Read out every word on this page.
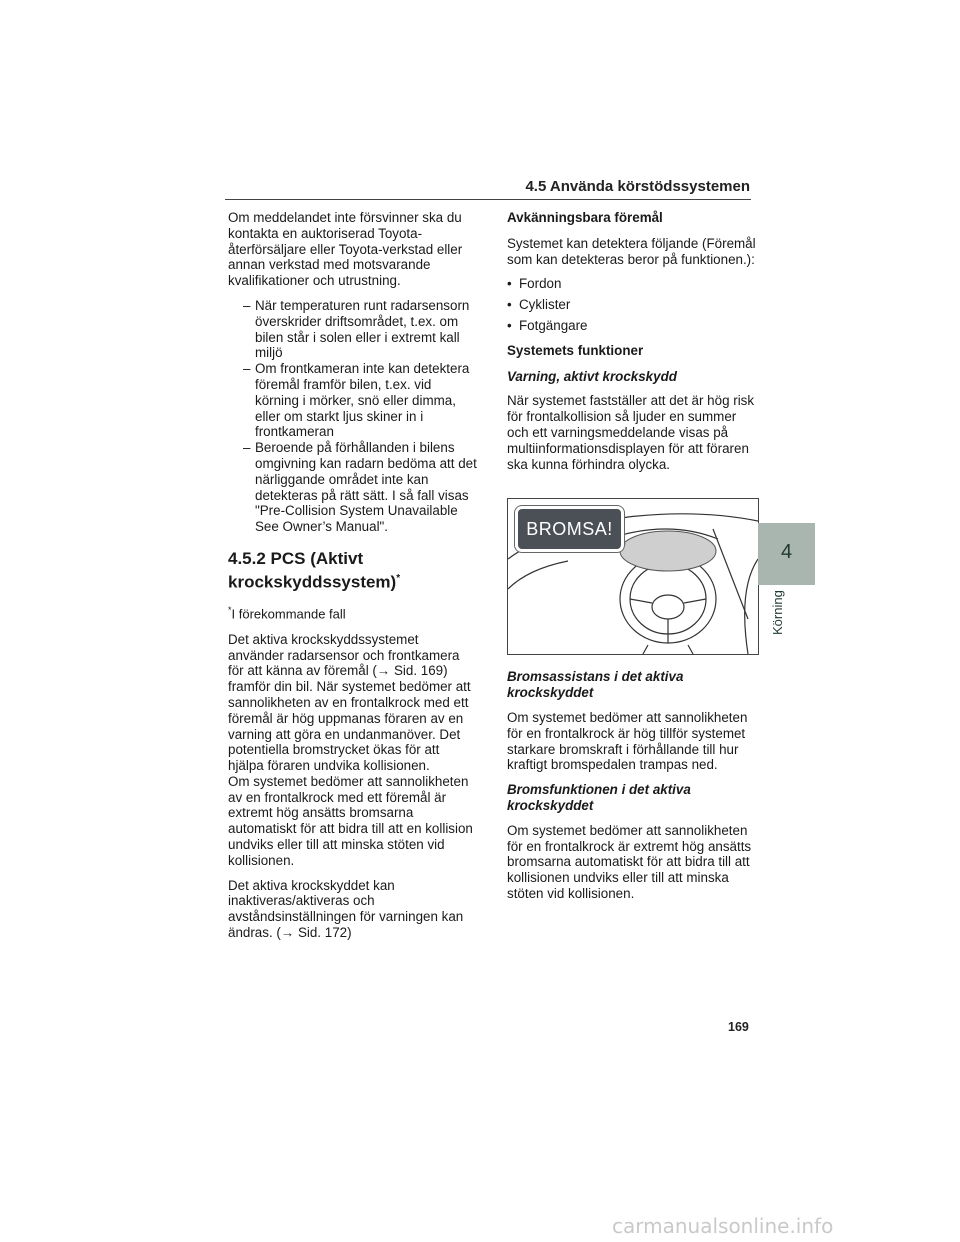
4.5 Använda körstödssystemen

Om meddelandet inte försvinner ska du kontakta en auktoriserad Toyota-återförsäljare eller Toyota-verkstad eller annan verkstad med motsvarande kvalifikationer och utrustning.

– När temperaturen runt radarsensorn överskrider driftsområdet, t.ex. om bilen står i solen eller i extremt kall miljö

– Om frontkameran inte kan detektera föremål framför bilen, t.ex. vid körning i mörker, snö eller dimma, eller om starkt ljus skiner in i frontkameran

– Beroende på förhållanden i bilens omgivning kan radarn bedöma att det närliggande området inte kan detekteras på rätt sätt. I så fall visas "Pre-Collision System Unavailable See Owner’s Manual".

4.5.2 PCS (Aktivt krockskyddssystem)*

*I förekommande fall

Det aktiva krockskyddssystemet använder radarsensor och frontkamera för att känna av föremål (→ Sid. 169) framför din bil. När systemet bedömer att sannolikheten av en frontalkrock med ett föremål är hög uppmanas föraren av en varning att göra en undanmanöver. Det potentiella bromstrycket ökas för att hjälpa föraren undvika kollisionen.

Om systemet bedömer att sannolikheten av en frontalkrock med ett föremål är extremt hög ansätts bromsarna automatiskt för att bidra till att en kollision undviks eller till att minska stöten vid kollisionen.

Det aktiva krockskyddet kan inaktiveras/aktiveras och avståndsinställningen för varningen kan ändras. (→ Sid. 172)

Avkänningsbara föremål

Systemet kan detektera följande (Föremål som kan detekteras beror på funktionen.):

• Fordon

• Cyklister

• Fotgängare

Systemets funktioner

Varning, aktivt krockskydd

När systemet fastställer att det är hög risk för frontalkollision så ljuder en summer och ett varningsmeddelande visas på multiinformationsdisplayen för att föraren ska kunna förhindra olycka.

BROMSA!

Bromsassistans i det aktiva krockskyddet

Om systemet bedömer att sannolikheten för en frontalkrock är hög tillför systemet starkare bromskraft i förhållande till hur kraftigt bromspedalen trampas ned.

Bromsfunktionen i det aktiva krockskyddet

Om systemet bedömer att sannolikheten för en frontalkrock är extremt hög ansätts bromsarna automatiskt för att bidra till att kollisionen undviks eller till att minska stöten vid kollisionen.

4
Körning
169
carmanualsonline.info
